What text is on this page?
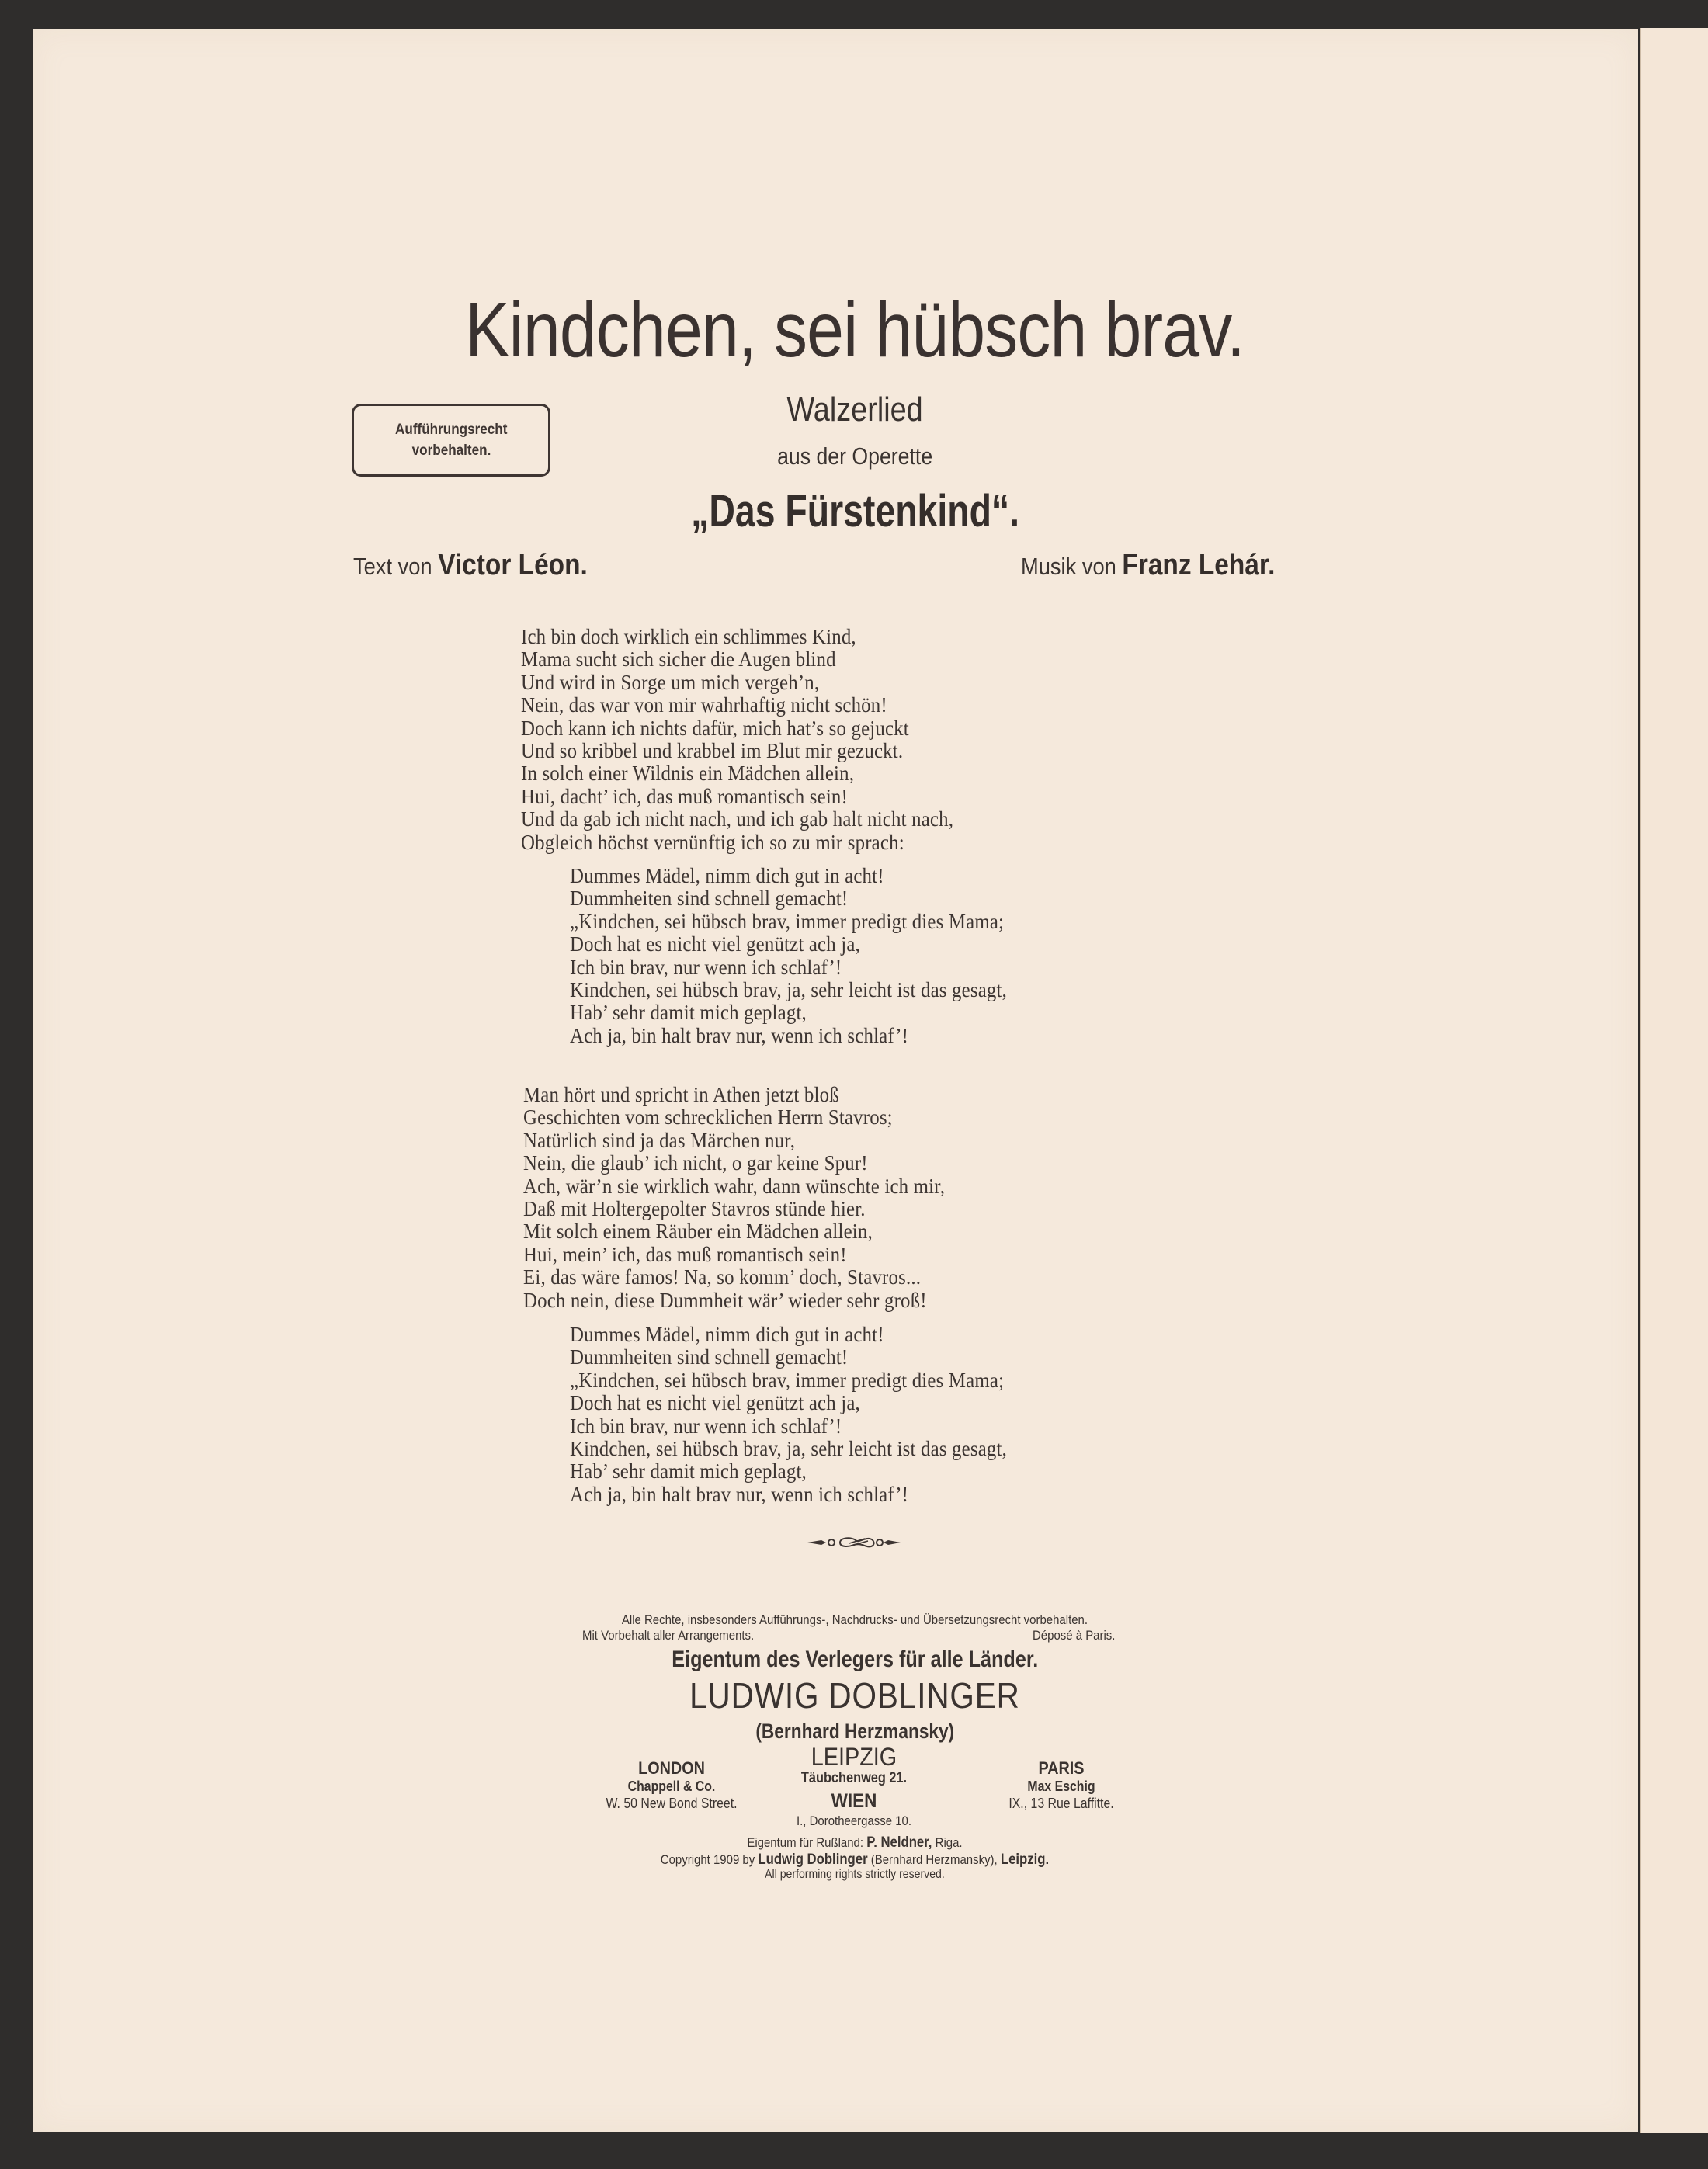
Kindchen, sei hübsch brav.
Aufführungsrecht
vorbehalten.
Walzerlied
aus der Operette
„Das Fürstenkind“.
Text von Victor Léon.	Musik von Franz Lehár.
Ich bin doch wirklich ein schlimmes Kind,
Mama sucht sich sicher die Augen blind
Und wird in Sorge um mich vergeh’n,
Nein, das war von mir wahrhaftig nicht schön!
Doch kann ich nichts dafür, mich hat’s so gejuckt
Und so kribbel und krabbel im Blut mir gezuckt.
In solch einer Wildnis ein Mädchen allein,
Hui, dacht’ ich, das muß romantisch sein!
Und da gab ich nicht nach, und ich gab halt nicht nach,
Obgleich höchst vernünftig ich so zu mir sprach:
Dummes Mädel, nimm dich gut in acht!
Dummheiten sind schnell gemacht!
„Kindchen, sei hübsch brav, immer predigt dies Mama;
Doch hat es nicht viel genützt ach ja,
Ich bin brav, nur wenn ich schlaf’!
Kindchen, sei hübsch brav, ja, sehr leicht ist das gesagt,
Hab’ sehr damit mich geplagt,
Ach ja, bin halt brav nur, wenn ich schlaf’!
Man hört und spricht in Athen jetzt bloß
Geschichten vom schrecklichen Herrn Stavros;
Natürlich sind ja das Märchen nur,
Nein, die glaub’ ich nicht, o gar keine Spur!
Ach, wär’n sie wirklich wahr, dann wünschte ich mir,
Daß mit Holtergepolter Stavros stünde hier.
Mit solch einem Räuber ein Mädchen allein,
Hui, mein’ ich, das muß romantisch sein!
Ei, das wäre famos! Na, so komm’ doch, Stavros...
Doch nein, diese Dummheit wär’ wieder sehr groß!
Dummes Mädel, nimm dich gut in acht!
Dummheiten sind schnell gemacht!
„Kindchen, sei hübsch brav, immer predigt dies Mama;
Doch hat es nicht viel genützt ach ja,
Ich bin brav, nur wenn ich schlaf’!
Kindchen, sei hübsch brav, ja, sehr leicht ist das gesagt,
Hab’ sehr damit mich geplagt,
Ach ja, bin halt brav nur, wenn ich schlaf’!
Alle Rechte, insbesonders Aufführungs-, Nachdrucks- und Übersetzungsrecht vorbehalten.
Mit Vorbehalt aller Arrangements.	Déposé à Paris.
Eigentum des Verlegers für alle Länder.
LUDWIG DOBLINGER
(Bernhard Herzmansky)
LONDON
Chappell & Co.
W. 50 New Bond Street.
LEIPZIG
Täubchenweg 21.
WIEN
I., Dorotheergasse 10.
PARIS
Max Eschig
IX., 13 Rue Laffitte.
Eigentum für Rußland: P. Neldner, Riga.
Copyright 1909 by Ludwig Doblinger (Bernhard Herzmansky), Leipzig.
All performing rights strictly reserved.
